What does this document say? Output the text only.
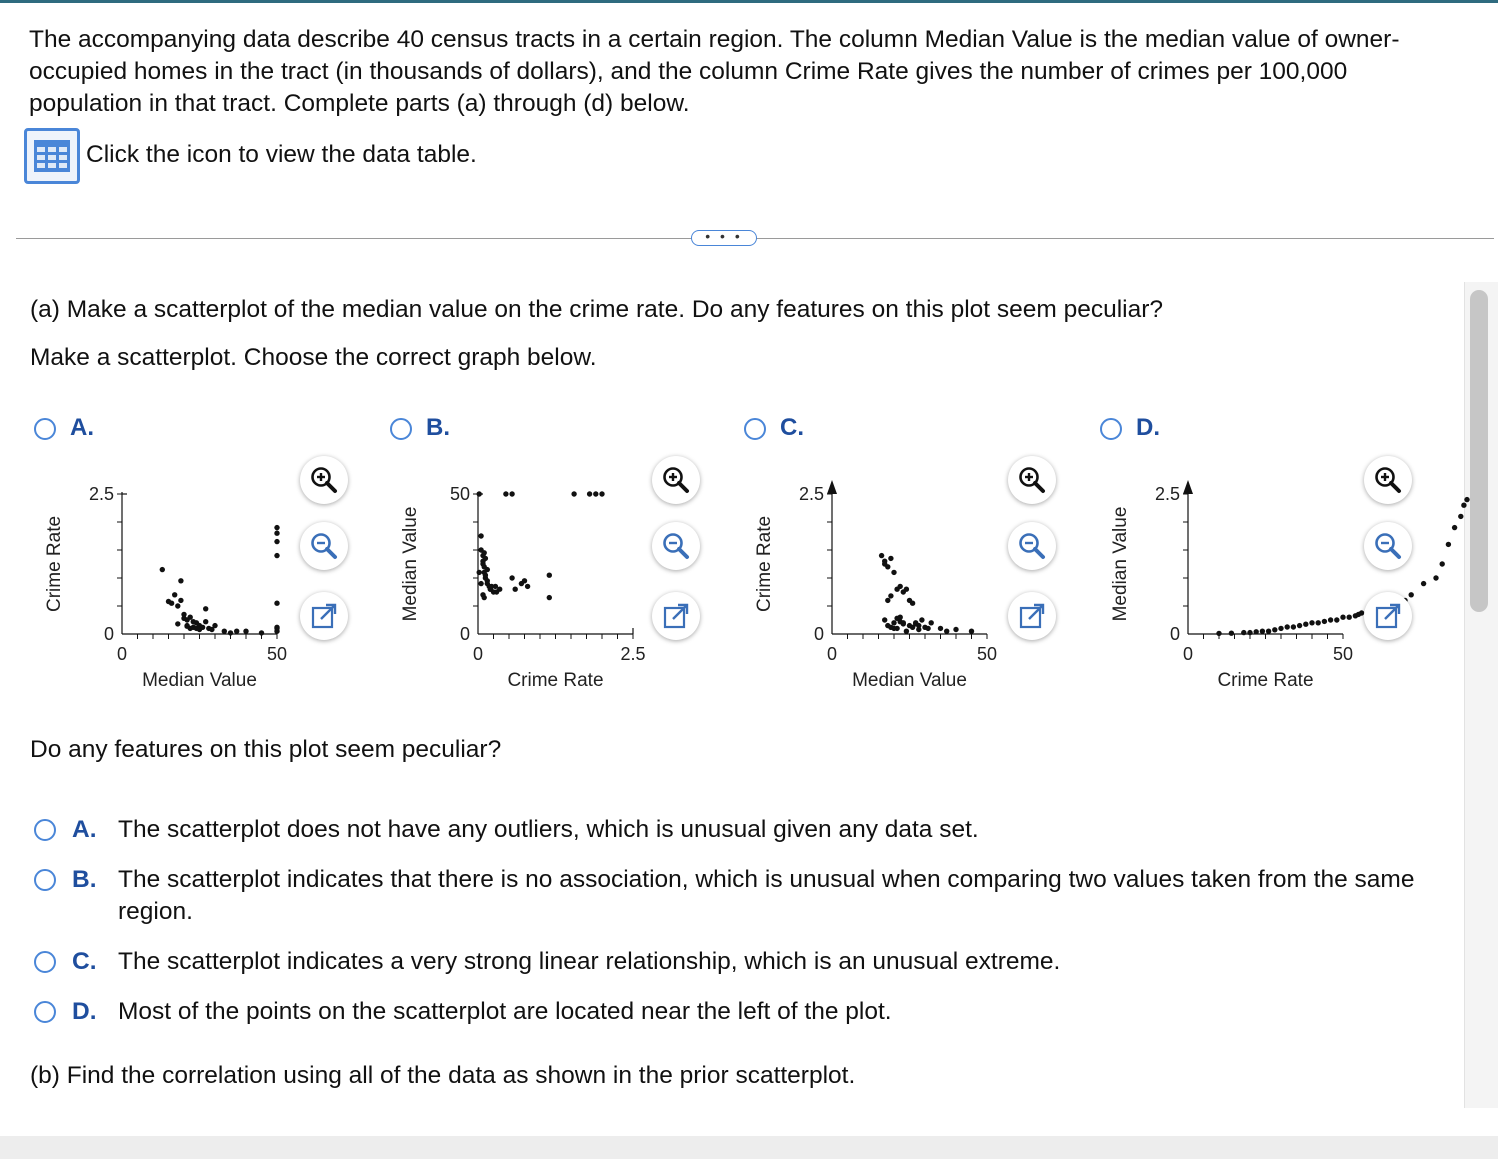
The accompanying data describe 40 census tracts in a certain region. The column Median Value is the median value of owner-occupied homes in the tract (in thousands of dollars), and the column Crime Rate gives the number of crimes per 100,000 population in that tract. Complete parts (a) through (d) below.
Click the icon to view the data table.
• • •
(a) Make a scatterplot of the median value on the crime rate. Do any features on this plot seem peculiar?
Make a scatterplot. Choose the correct graph below.
A.
0	50
0
2.5
Median Value
Crime Rate
B.
0	2.5
0
50
Crime Rate
Median Value
C.
0	50
0
2.5
Median Value
Crime Rate
D.
0	50
0
2.5
Crime Rate
Median Value
Do any features on this plot seem peculiar?
A. The scatterplot does not have any outliers, which is unusual given any data set.
B. The scatterplot indicates that there is no association, which is unusual when comparing two values taken from the same region.
C. The scatterplot indicates a very strong linear relationship, which is an unusual extreme.
D. Most of the points on the scatterplot are located near the left of the plot.
(b) Find the correlation using all of the data as shown in the prior scatterplot.
